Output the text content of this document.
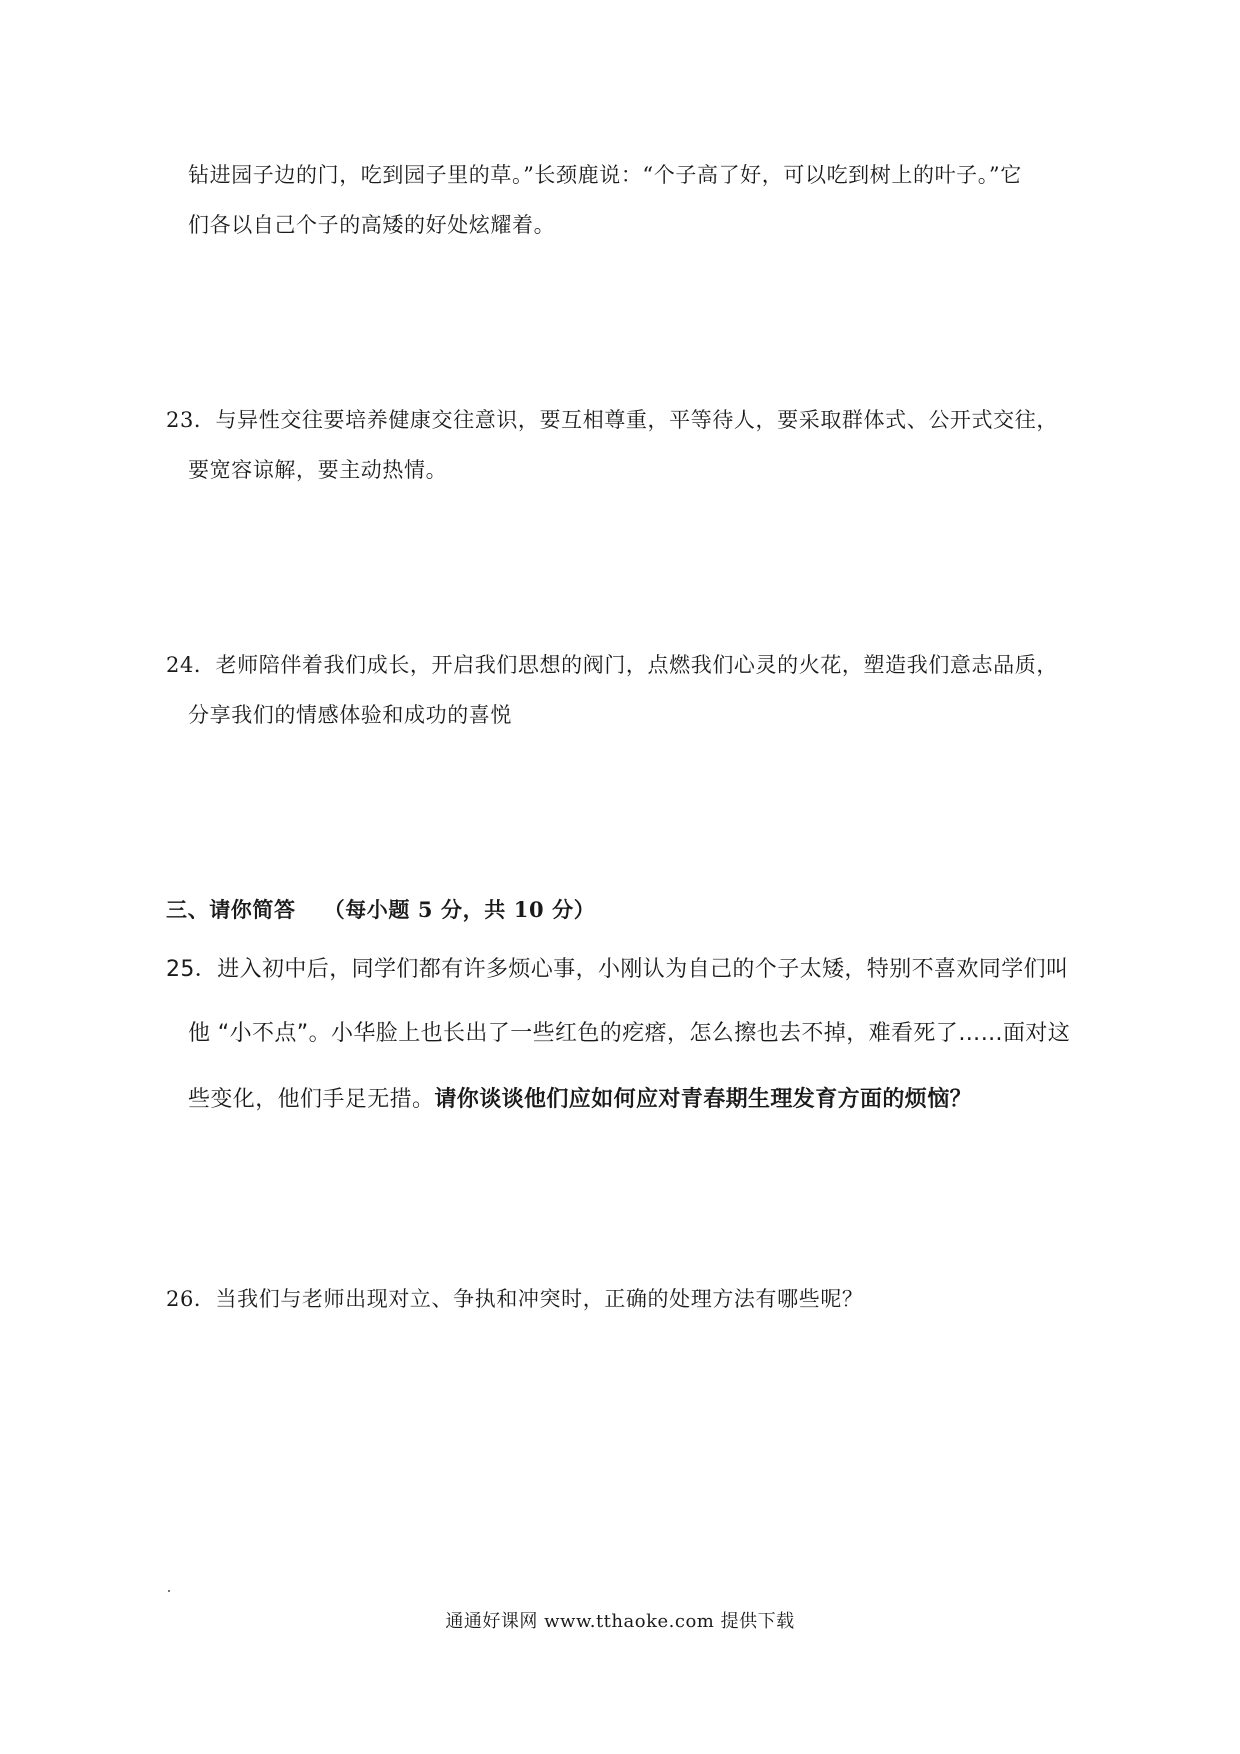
钻进园子边的门，吃到园子里的草。”长颈鹿说：“个子高了好，可以吃到树上的叶子。”它
们各以自己个子的高矮的好处炫耀着。
23．与异性交往要培养健康交往意识，要互相尊重，平等待人，要采取群体式、公开式交往，
要宽容谅解，要主动热情。
24．老师陪伴着我们成长，开启我们思想的阀门，点燃我们心灵的火花，塑造我们意志品质，
分享我们的情感体验和成功的喜悦
三、请你简答 （每小题 5 分，共 10 分）
25．进入初中后，同学们都有许多烦心事，小刚认为自己的个子太矮，特别不喜欢同学们叫
他 “小不点”。小华脸上也长出了一些红色的疙瘩，怎么擦也去不掉，难看死了……面对这
些变化，他们手足无措。请你谈谈他们应如何应对青春期生理发育方面的烦恼？
26．当我们与老师出现对立、争执和冲突时，正确的处理方法有哪些呢？
通通好课网 www.tthaoke.com 提供下载
